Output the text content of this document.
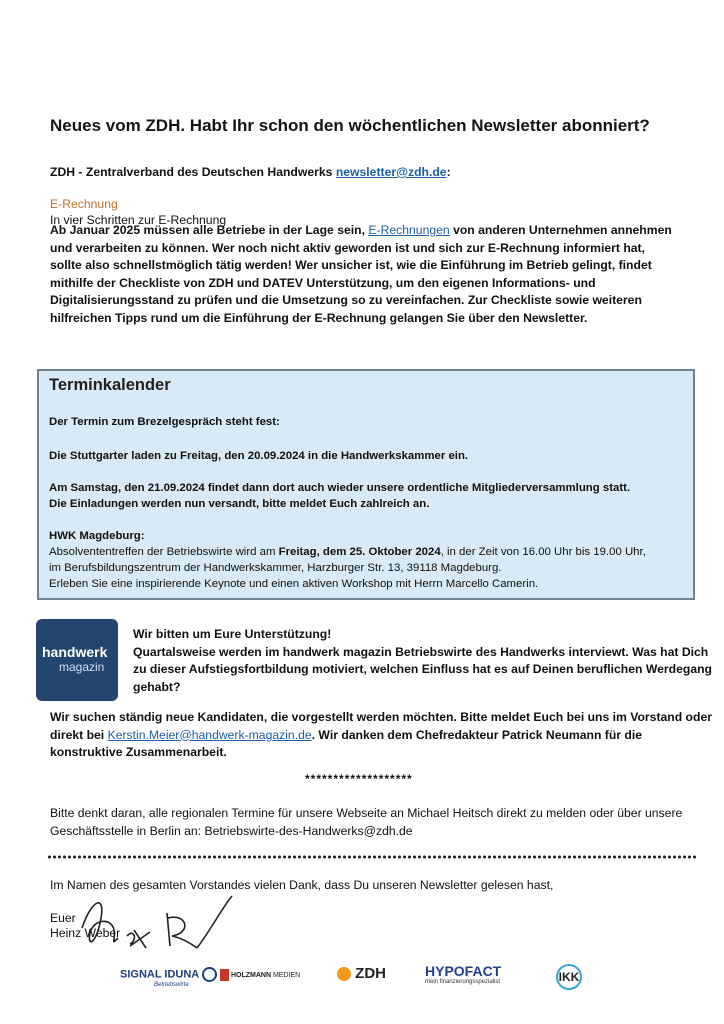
Neues vom ZDH. Habt Ihr schon den wöchentlichen Newsletter abonniert?
ZDH - Zentralverband des Deutschen Handwerks newsletter@zdh.de:
E-Rechnung
In vier Schritten zur E-Rechnung
Ab Januar 2025 müssen alle Betriebe in der Lage sein, E-Rechnungen von anderen Unternehmen annehmen
und verarbeiten zu können. Wer noch nicht aktiv geworden ist und sich zur E-Rechnung informiert hat,
sollte also schnellstmöglich tätig werden! Wer unsicher ist, wie die Einführung im Betrieb gelingt, findet
mithilfe der Checkliste von ZDH und DATEV Unterstützung, um den eigenen Informations- und
Digitalisierungsstand zu prüfen und die Umsetzung so zu vereinfachen. Zur Checkliste sowie weiteren
hilfreichen Tipps rund um die Einführung der E-Rechnung gelangen Sie über den Newsletter.
Terminkalender
Der Termin zum Brezelgespräch steht fest:
Die Stuttgarter laden zu Freitag, den 20.09.2024 in die Handwerkskammer ein.
Am Samstag, den 21.09.2024 findet dann dort auch wieder unsere ordentliche Mitgliederversammlung statt.
Die Einladungen werden nun versandt, bitte meldet Euch zahlreich an.
HWK Magdeburg:
Absolvententreffen der Betriebswirte wird am Freitag, dem 25. Oktober 2024, in der Zeit von 16.00 Uhr bis 19.00 Uhr,
im Berufsbildungszentrum der Handwerkskammer, Harzburger Str. 13, 39118 Magdeburg.
Erleben Sie eine inspirierende Keynote und einen aktiven Workshop mit Herrn Marcello Camerin.
handwerk
magazin
Wir bitten um Eure Unterstützung!
Quartalsweise werden im handwerk magazin Betriebswirte des Handwerks interviewt. Was hat Dich
zu dieser Aufstiegsfortbildung motiviert, welchen Einfluss hat es auf Deinen beruflichen Werdegang
gehabt?
Wir suchen ständig neue Kandidaten, die vorgestellt werden möchten. Bitte meldet Euch bei uns im Vorstand oder
direkt bei Kerstin.Meier@handwerk-magazin.de. Wir danken dem Chefredakteur Patrick Neumann für die
konstruktive Zusammenarbeit.
*******************
Bitte denkt daran, alle regionalen Termine für unsere Webseite an Michael Heitsch direkt zu melden oder über unsere
Geschäftsstelle in Berlin an: Betriebswirte-des-Handwerks@zdh.de
Im Namen des gesamten Vorstandes vielen Dank, dass Du unseren Newsletter gelesen hast,
Euer
Heinz Weber
SIGNAL IDUNA
Betriebswirte
HOLZMANN MEDIEN	ZDH	HYPOFACT
mein finanzierungsspezialist	IKK
